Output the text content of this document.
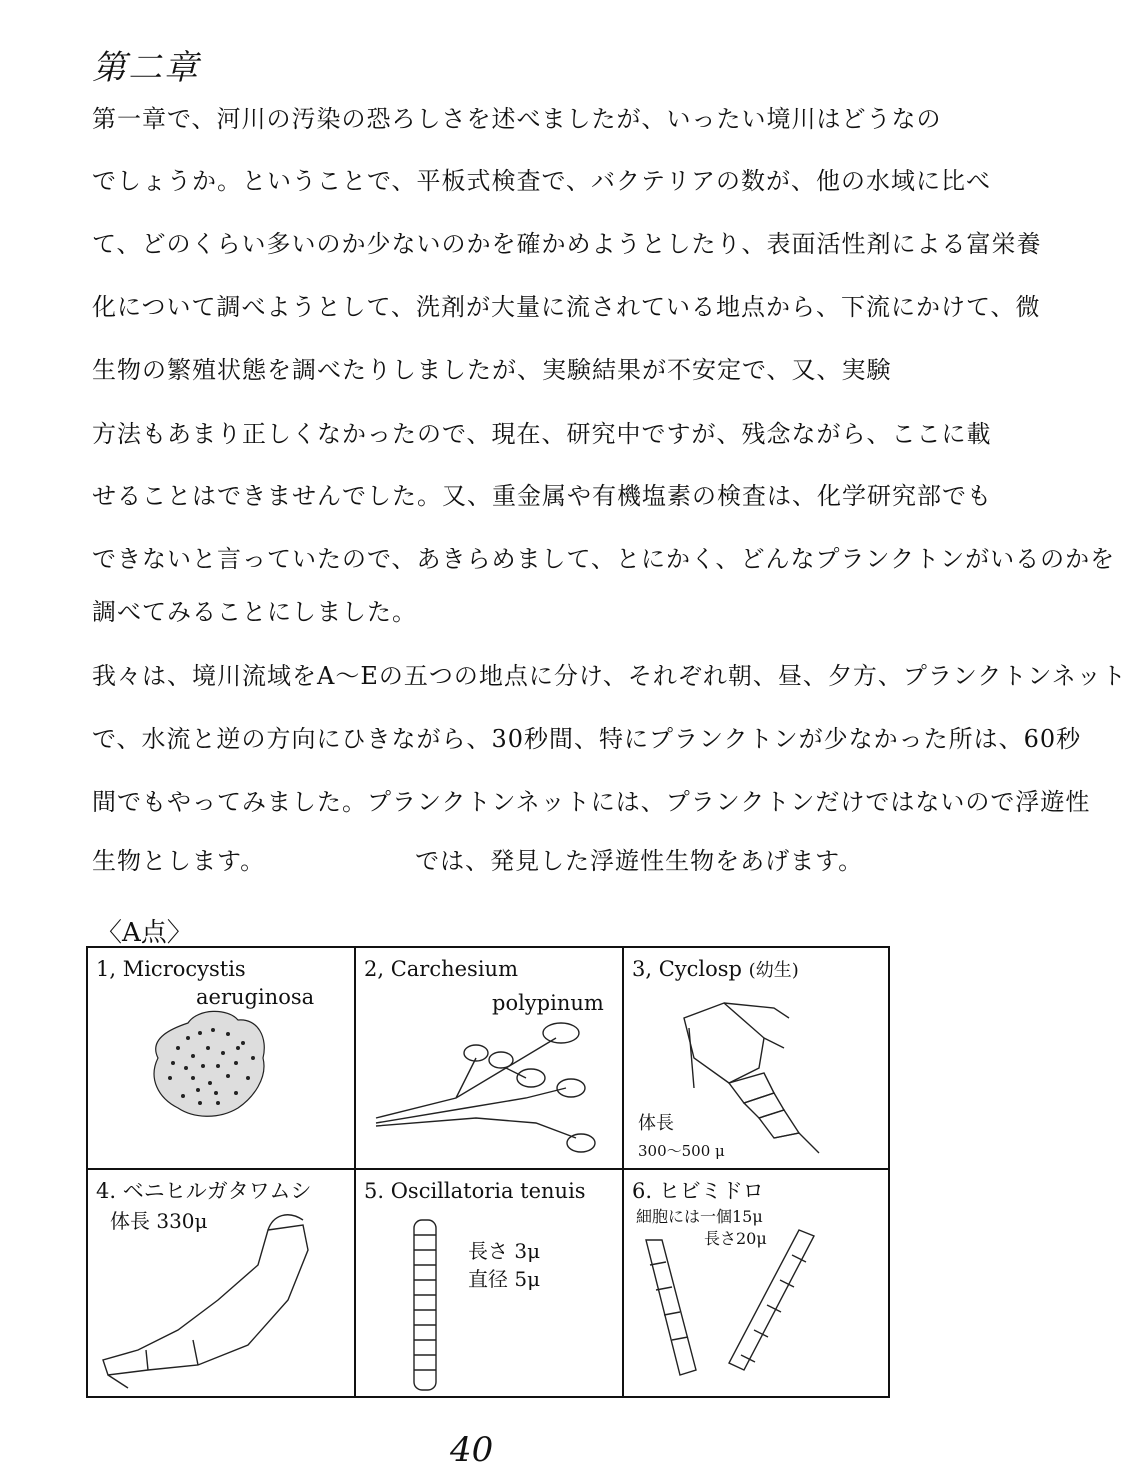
第二章
第一章で、河川の汚染の恐ろしさを述べましたが、いったい境川はどうなの
でしょうか。ということで、平板式検査で、バクテリアの数が、他の水域に比べ
て、どのくらい多いのか少ないのかを確かめようとしたり、表面活性剤による富栄養
化について調べようとして、洗剤が大量に流されている地点から、下流にかけて、微
生物の繁殖状態を調べたりしましたが、実験結果が不安定で、又、実験
方法もあまり正しくなかったので、現在、研究中ですが、残念ながら、ここに載
せることはできませんでした。又、重金属や有機塩素の検査は、化学研究部でも
できないと言っていたので、あきらめまして、とにかく、どんなプランクトンがいるのかを
調べてみることにしました。
我々は、境川流域をA～Eの五つの地点に分け、それぞれ朝、昼、夕方、プランクトンネット
で、水流と逆の方向にひきながら、30秒間、特にプランクトンが少なかった所は、60秒
間でもやってみました。プランクトンネットには、プランクトンだけではないので浮遊性
生物とします。	では、発見した浮遊性生物をあげます。
〈A点〉
1, Microcystis
aeruginosa
2, Carchesium
polypinum
3, Cyclosp (幼生)
体長
300〜500 μ
4. ベニヒルガタワムシ
体長 330μ
5. Oscillatoria tenuis
長さ 3μ
直径 5μ
6. ヒビミドロ
細胞には一個15μ
長さ20μ
40
